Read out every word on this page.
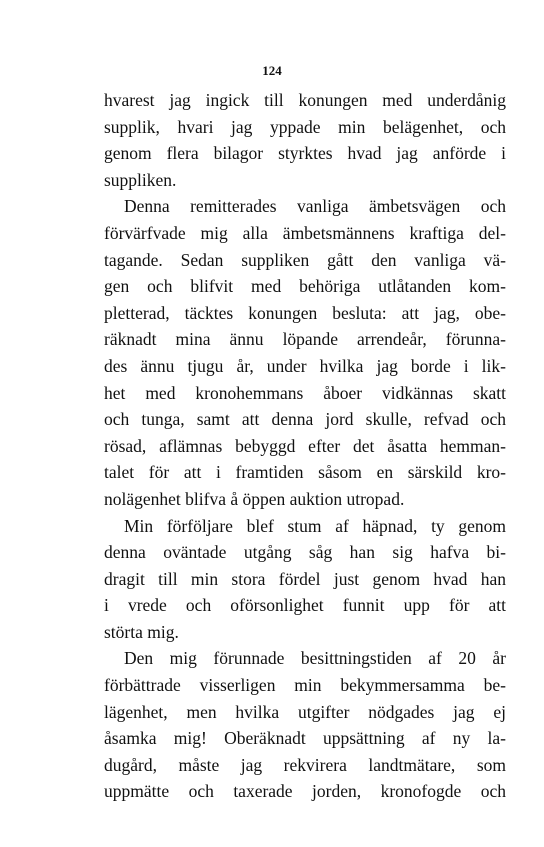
124
hvarest jag ingick till konungen med underdånig
supplik, hvari jag yppade min belägenhet, och
genom flera bilagor styrktes hvad jag anförde i
suppliken.
Denna remitterades vanliga ämbetsvägen och
förvärfvade mig alla ämbetsmännens kraftiga del-
tagande. Sedan suppliken gått den vanliga vä-
gen och blifvit med behöriga utlåtanden kom-
pletterad, täcktes konungen besluta: att jag, obe-
räknadt mina ännu löpande arrendeår, förunna-
des ännu tjugu år, under hvilka jag borde i lik-
het med kronohemmans åboer vidkännas skatt
och tunga, samt att denna jord skulle, refvad och
rösad, aflämnas bebyggd efter det åsatta hemman-
talet för att i framtiden såsom en särskild kro-
nolägenhet blifva å öppen auktion utropad.
Min förföljare blef stum af häpnad, ty genom
denna oväntade utgång såg han sig hafva bi-
dragit till min stora fördel just genom hvad han
i vrede och oförsonlighet funnit upp för att
störta mig.
Den mig förunnade besittningstiden af 20 år
förbättrade visserligen min bekymmersamma be-
lägenhet, men hvilka utgifter nödgades jag ej
åsamka mig! Oberäknadt uppsättning af ny la-
dugård, måste jag rekvirera landtmätare, som
uppmätte och taxerade jorden, kronofogde och
